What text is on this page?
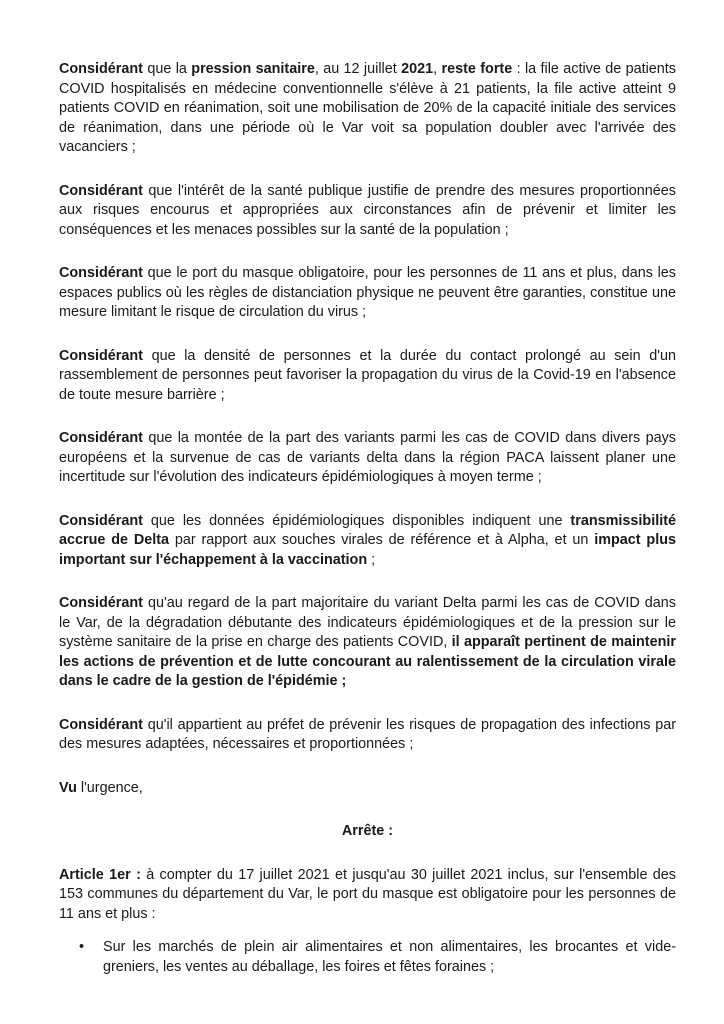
Considérant que la pression sanitaire, au 12 juillet 2021, reste forte : la file active de patients COVID hospitalisés en médecine conventionnelle s'élève à 21 patients, la file active atteint 9 patients COVID en réanimation, soit une mobilisation de 20% de la capacité initiale des services de réanimation, dans une période où le Var voit sa population doubler avec l'arrivée des vacanciers ;

Considérant que l'intérêt de la santé publique justifie de prendre des mesures proportionnées aux risques encourus et appropriées aux circonstances afin de prévenir et limiter les conséquences et les menaces possibles sur la santé de la population ;

Considérant que le port du masque obligatoire, pour les personnes de 11 ans et plus, dans les espaces publics où les règles de distanciation physique ne peuvent être garanties, constitue une mesure limitant le risque de circulation du virus ;

Considérant que la densité de personnes et la durée du contact prolongé au sein d'un rassemblement de personnes peut favoriser la propagation du virus de la Covid-19 en l'absence de toute mesure barrière ;

Considérant que la montée de la part des variants parmi les cas de COVID dans divers pays européens et la survenue de cas de variants delta dans la région PACA laissent planer une incertitude sur l'évolution des indicateurs épidémiologiques à moyen terme ;

Considérant que les données épidémiologiques disponibles indiquent une transmissibilité accrue de Delta par rapport aux souches virales de référence et à Alpha, et un impact plus important sur l'échappement à la vaccination ;

Considérant qu'au regard de la part majoritaire du variant Delta parmi les cas de COVID dans le Var, de la dégradation débutante des indicateurs épidémiologiques et de la pression sur le système sanitaire de la prise en charge des patients COVID, il apparaît pertinent de maintenir les actions de prévention et de lutte concourant au ralentissement de la circulation virale dans le cadre de la gestion de l'épidémie ;

Considérant qu'il appartient au préfet de prévenir les risques de propagation des infections par des mesures adaptées, nécessaires et proportionnées ;

Vu l'urgence,

Arrête :

Article 1er : à compter du 17 juillet 2021 et jusqu'au 30 juillet 2021 inclus, sur l'ensemble des 153 communes du département du Var, le port du masque est obligatoire pour les personnes de 11 ans et plus :

•	Sur les marchés de plein air alimentaires et non alimentaires, les brocantes et vide-greniers, les ventes au déballage, les foires et fêtes foraines ;
